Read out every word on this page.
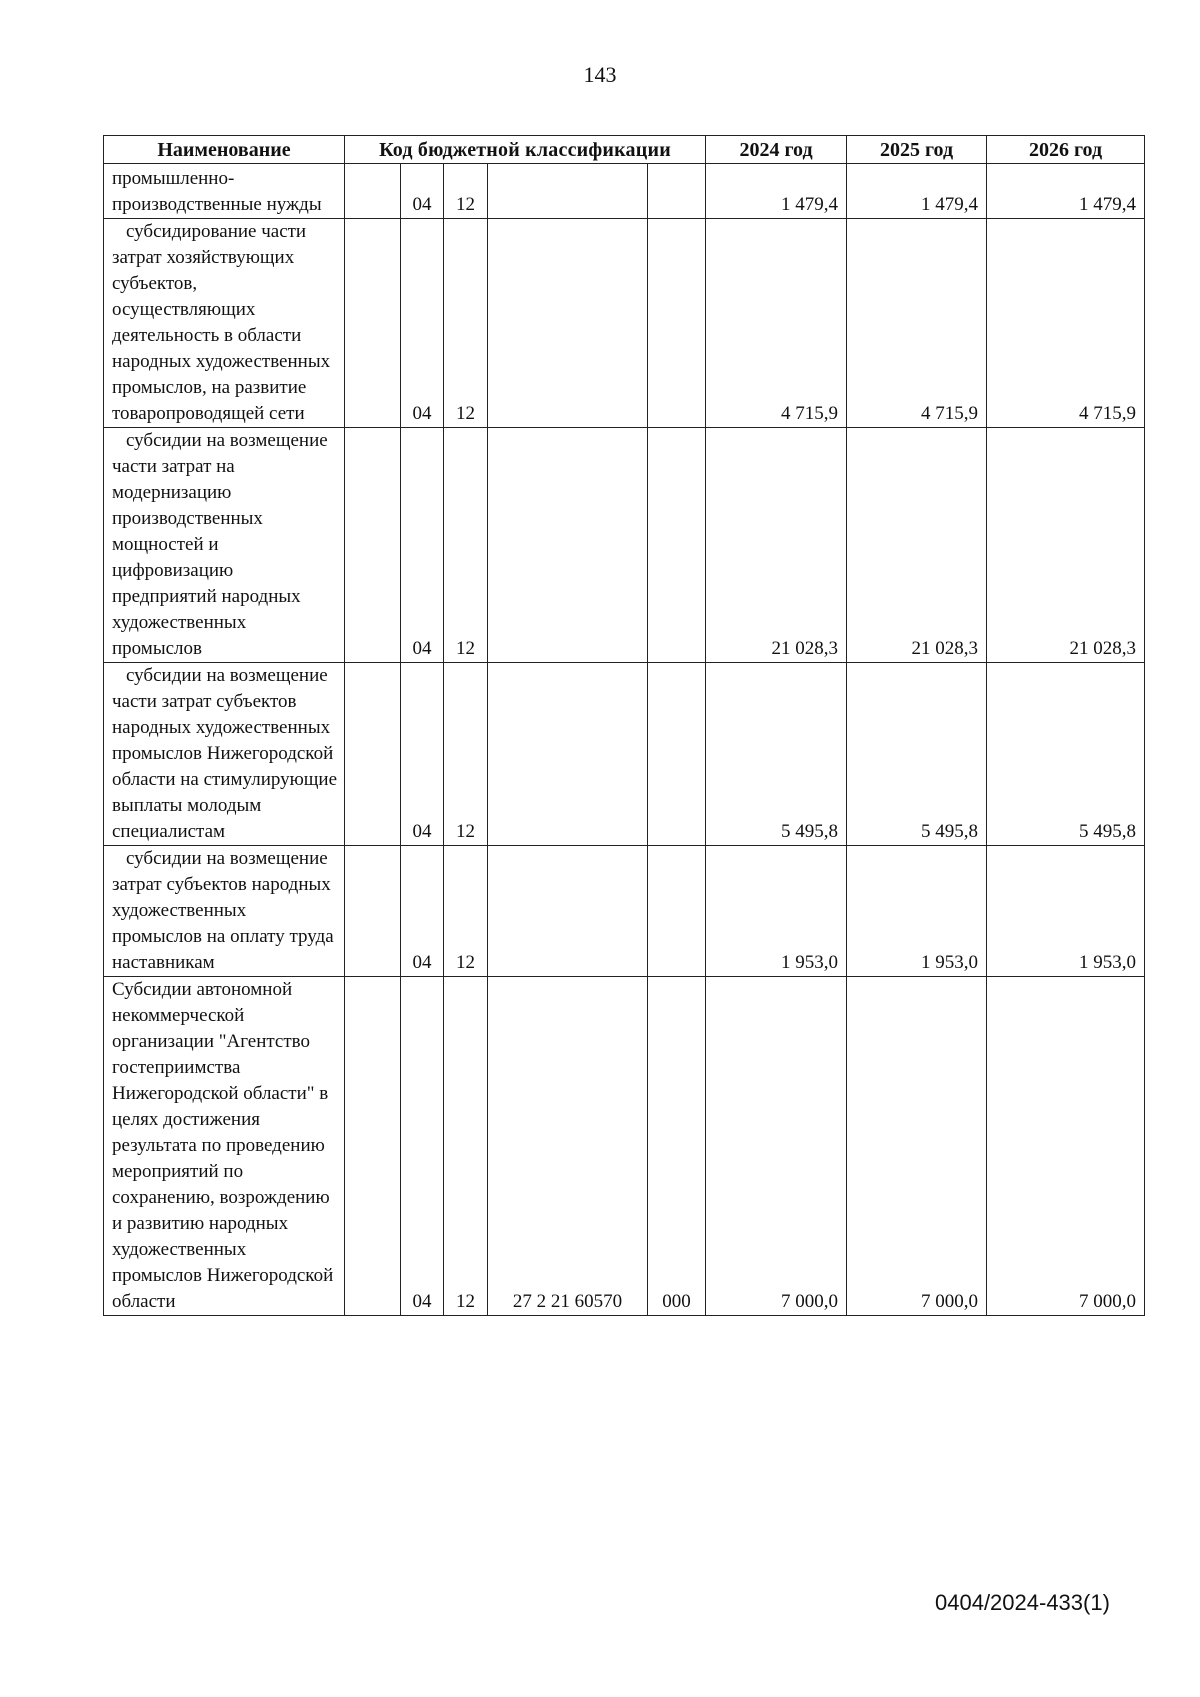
143
Наименование	Код бюджетной классификации					2024 год	2025 год	2026 год
промышленно-производственные нужды		04	12			1 479,4	1 479,4	1 479,4
субсидирование части затрат хозяйствующих субъектов, осуществляющих деятельность в области народных художественных промыслов, на развитие товаропроводящей сети		04	12			4 715,9	4 715,9	4 715,9
субсидии на возмещение части затрат на модернизацию производственных мощностей и цифровизацию предприятий народных художественных промыслов		04	12			21 028,3	21 028,3	21 028,3
субсидии на возмещение части затрат субъектов народных художественных промыслов Нижегородской области на стимулирующие выплаты молодым специалистам		04	12			5 495,8	5 495,8	5 495,8
субсидии на возмещение затрат субъектов народных художественных промыслов на оплату труда наставникам		04	12			1 953,0	1 953,0	1 953,0
Субсидии автономной некоммерческой организации "Агентство гостеприимства Нижегородской области" в целях достижения результата по проведению мероприятий по сохранению, возрождению и развитию народных художественных промыслов Нижегородской области		04	12	27 2 21 60570	000	7 000,0	7 000,0	7 000,0
0404/2024-433(1)
